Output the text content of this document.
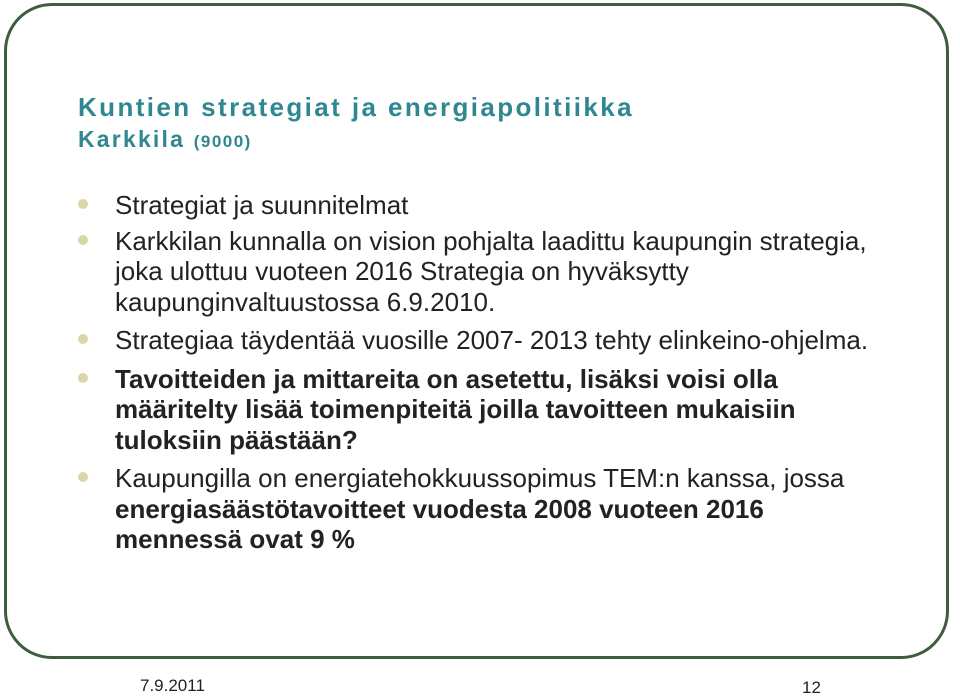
Kuntien strategiat ja energiapolitiikka
Karkkila (9000)
Strategiat ja suunnitelmat
Karkkilan kunnalla on vision pohjalta laadittu kaupungin strategia, joka ulottuu vuoteen 2016 Strategia on hyväksytty kaupunginvaltuustossa 6.9.2010.
Strategiaa täydentää vuosille 2007- 2013 tehty elinkeino-ohjelma.
Tavoitteiden ja mittareita on asetettu, lisäksi voisi olla määritelty lisää toimenpiteitä joilla tavoitteen mukaisiin tuloksiin päästään?
Kaupungilla on energiatehokkuussopimus TEM:n kanssa, jossa energiasäästötavoitteet vuodesta 2008 vuoteen 2016 mennessä ovat 9 %
7.9.2011	12
